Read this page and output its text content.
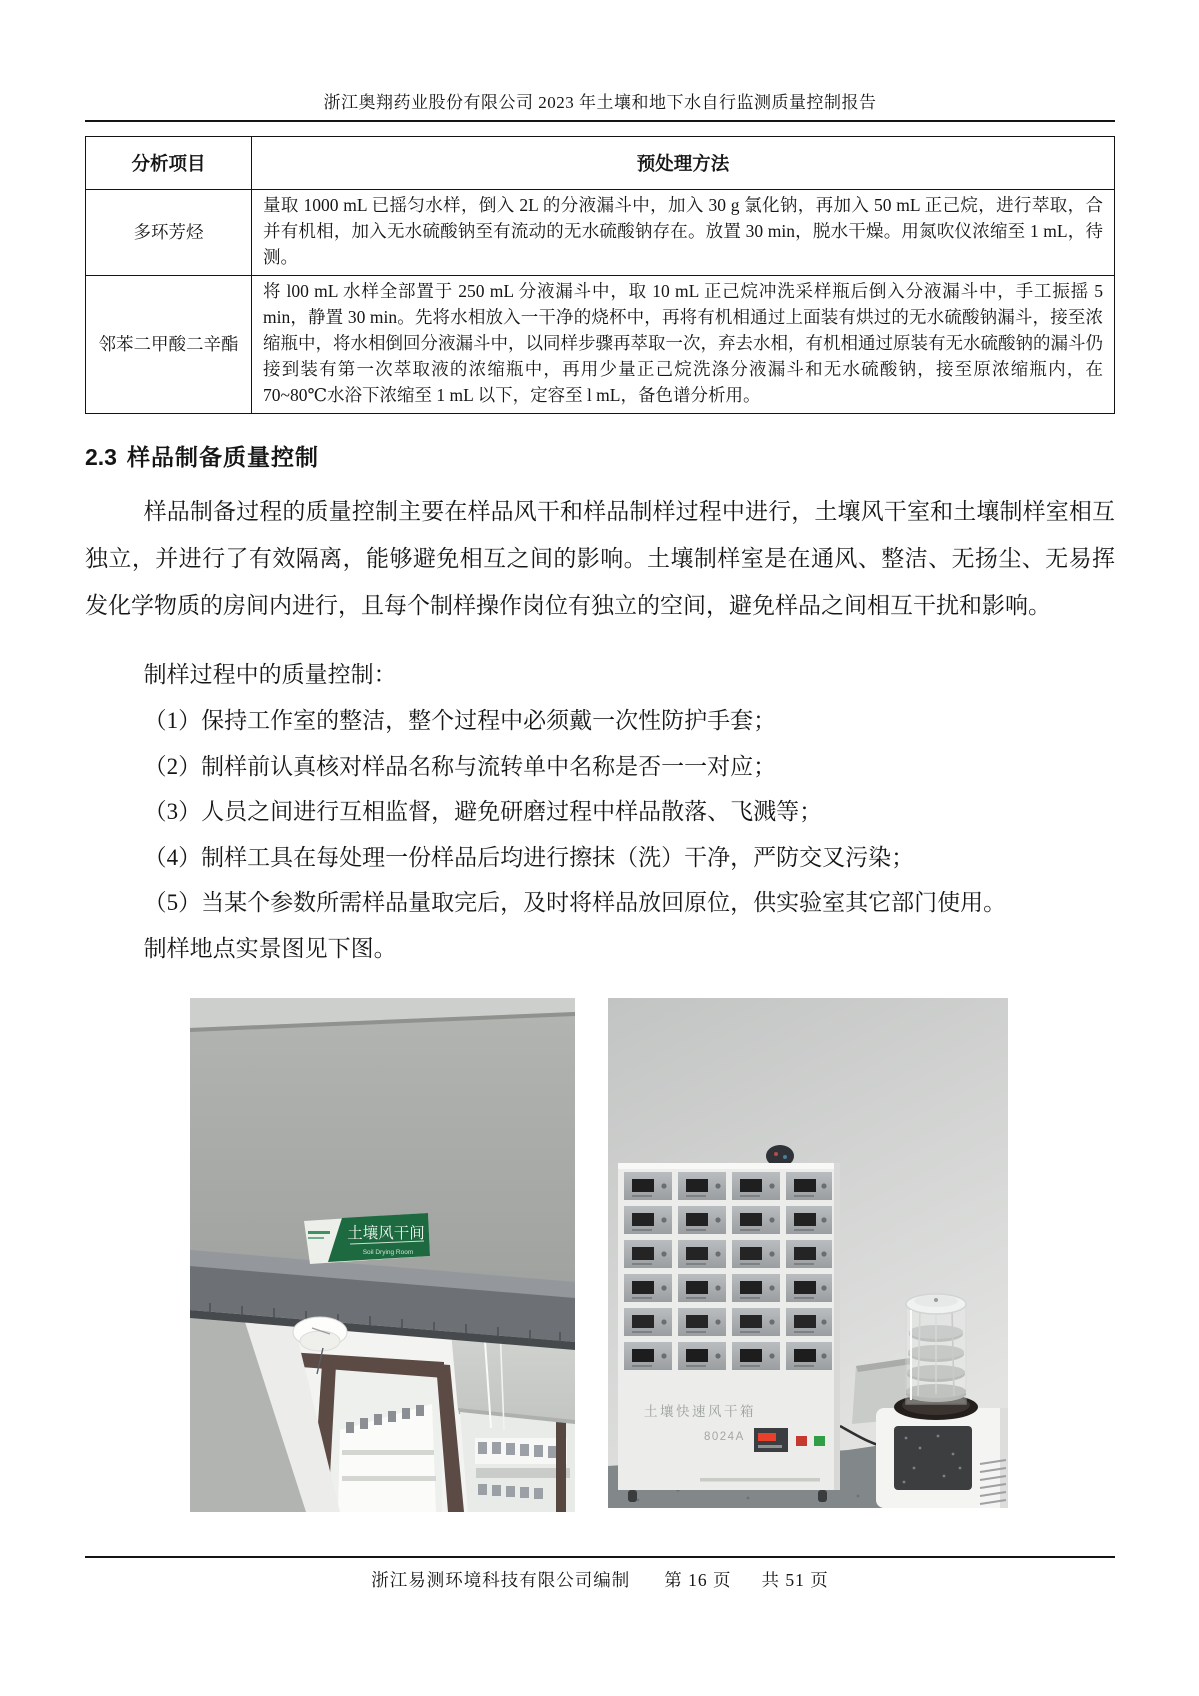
浙江奥翔药业股份有限公司 2023 年土壤和地下水自行监测质量控制报告
分析项目	预处理方法
多环芳烃	量取 1000 mL 已摇匀水样，倒入 2L 的分液漏斗中，加入 30 g 氯化钠，再加入 50 mL 正己烷，进行萃取，合并有机相，加入无水硫酸钠至有流动的无水硫酸钠存在。放置 30 min，脱水干燥。用氮吹仪浓缩至 1 mL，待测。
邻苯二甲酸二辛酯	将 l00 mL 水样全部置于 250 mL 分液漏斗中，取 10 mL 正己烷冲洗采样瓶后倒入分液漏斗中，手工振摇 5 min，静置 30 min。先将水相放入一干净的烧杯中，再将有机相通过上面装有烘过的无水硫酸钠漏斗，接至浓缩瓶中，将水相倒回分液漏斗中，以同样步骤再萃取一次，弃去水相，有机相通过原装有无水硫酸钠的漏斗仍接到装有第一次萃取液的浓缩瓶中，再用少量正己烷洗涤分液漏斗和无水硫酸钠，接至原浓缩瓶内，在 70~80℃水浴下浓缩至 1 mL 以下，定容至 l mL，备色谱分析用。
2.3 样品制备质量控制

样品制备过程的质量控制主要在样品风干和样品制样过程中进行，土壤风干室和土壤制样室相互独立，并进行了有效隔离，能够避免相互之间的影响。土壤制样室是在通风、整洁、无扬尘、无易挥发化学物质的房间内进行，且每个制样操作岗位有独立的空间，避免样品之间相互干扰和影响。

制样过程中的质量控制：
（1）保持工作室的整洁，整个过程中必须戴一次性防护手套；
（2）制样前认真核对样品名称与流转单中名称是否一一对应；
（3）人员之间进行互相监督，避免研磨过程中样品散落、飞溅等；
（4）制样工具在每处理一份样品后均进行擦抹（洗）干净，严防交叉污染；
（5）当某个参数所需样品量取完后，及时将样品放回原位，供实验室其它部门使用。
制样地点实景图见下图。
土壤风干间
Soil Drying Room
土壤快速风干箱
8024A
浙江易测环境科技有限公司编制 第 16 页 共 51 页
